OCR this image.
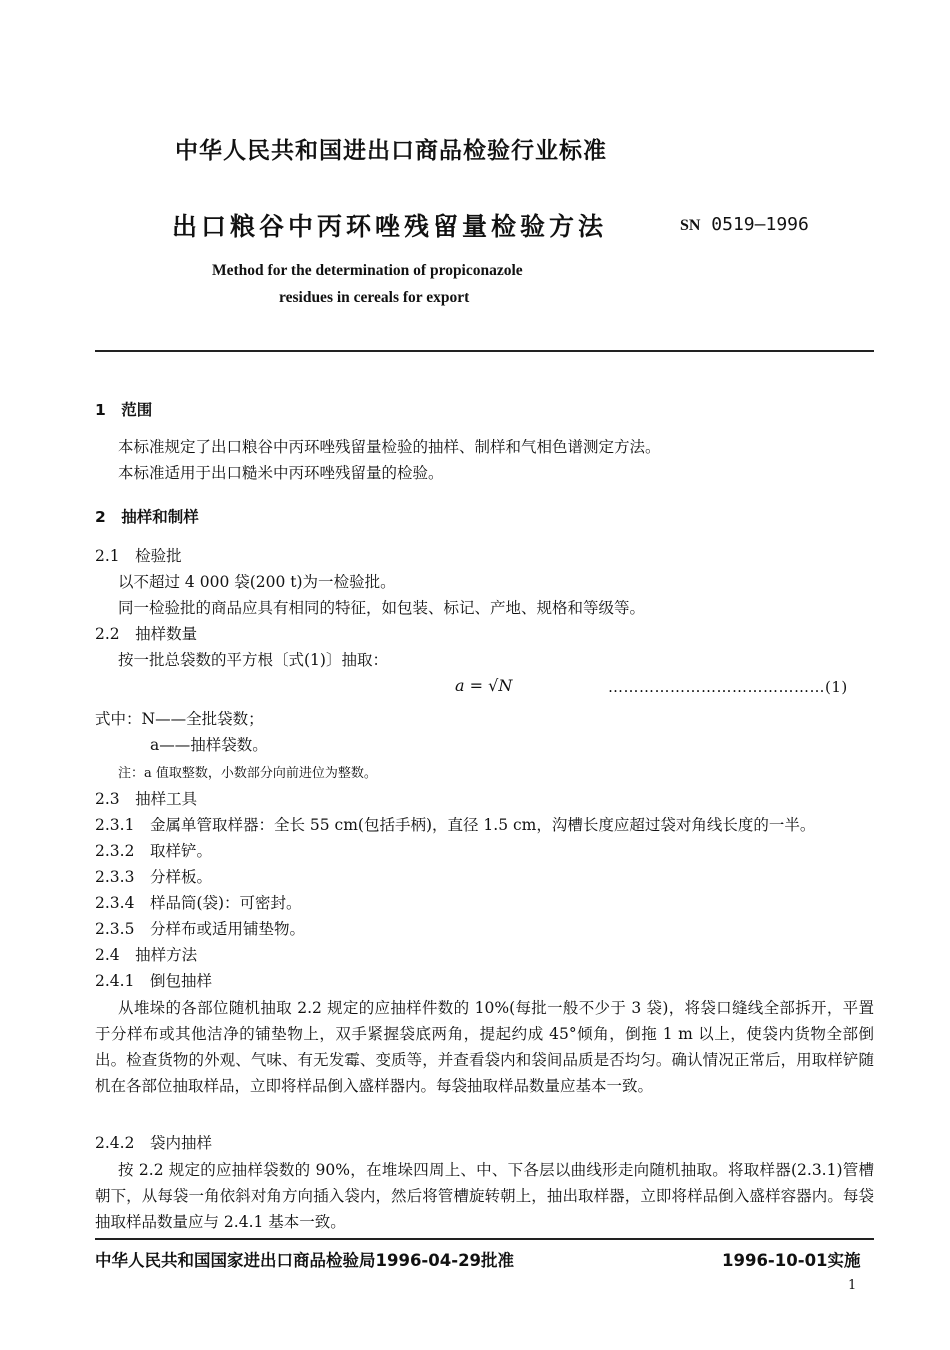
中华人民共和国进出口商品检验行业标准
出口粮谷中丙环唑残留量检验方法	SN 0519—1996
Method for the determination of propiconazole
residues in cereals for export
1　范围
本标准规定了出口粮谷中丙环唑残留量检验的抽样、制样和气相色谱测定方法。
本标准适用于出口糙米中丙环唑残留量的检验。
2　抽样和制样
2.1　检验批
以不超过 4 000 袋(200 t)为一检验批。
同一检验批的商品应具有相同的特征，如包装、标记、产地、规格和等级等。
2.2　抽样数量
按一批总袋数的平方根〔式(1)〕抽取：
a = √N	……………………………………(1)
式中：N——全批袋数；
a——抽样袋数。
注：a 值取整数，小数部分向前进位为整数。
2.3　抽样工具
2.3.1　金属单管取样器：全长 55 cm(包括手柄)，直径 1.5 cm，沟槽长度应超过袋对角线长度的一半。
2.3.2　取样铲。
2.3.3　分样板。
2.3.4　样品筒(袋)：可密封。
2.3.5　分样布或适用铺垫物。
2.4　抽样方法
2.4.1　倒包抽样
从堆垛的各部位随机抽取 2.2 规定的应抽样件数的 10%(每批一般不少于 3 袋)，将袋口缝线全部拆开，平置于分样布或其他洁净的铺垫物上，双手紧握袋底两角，提起约成 45°倾角，倒拖 1 m 以上，使袋内货物全部倒出。检查货物的外观、气味、有无发霉、变质等，并查看袋内和袋间品质是否均匀。确认情况正常后，用取样铲随机在各部位抽取样品，立即将样品倒入盛样器内。每袋抽取样品数量应基本一致。
2.4.2　袋内抽样
按 2.2 规定的应抽样袋数的 90%，在堆垛四周上、中、下各层以曲线形走向随机抽取。将取样器(2.3.1)管槽朝下，从每袋一角依斜对角方向插入袋内，然后将管槽旋转朝上，抽出取样器，立即将样品倒入盛样容器内。每袋抽取样品数量应与 2.4.1 基本一致。
中华人民共和国国家进出口商品检验局1996-04-29批准	1996-10-01实施
1
